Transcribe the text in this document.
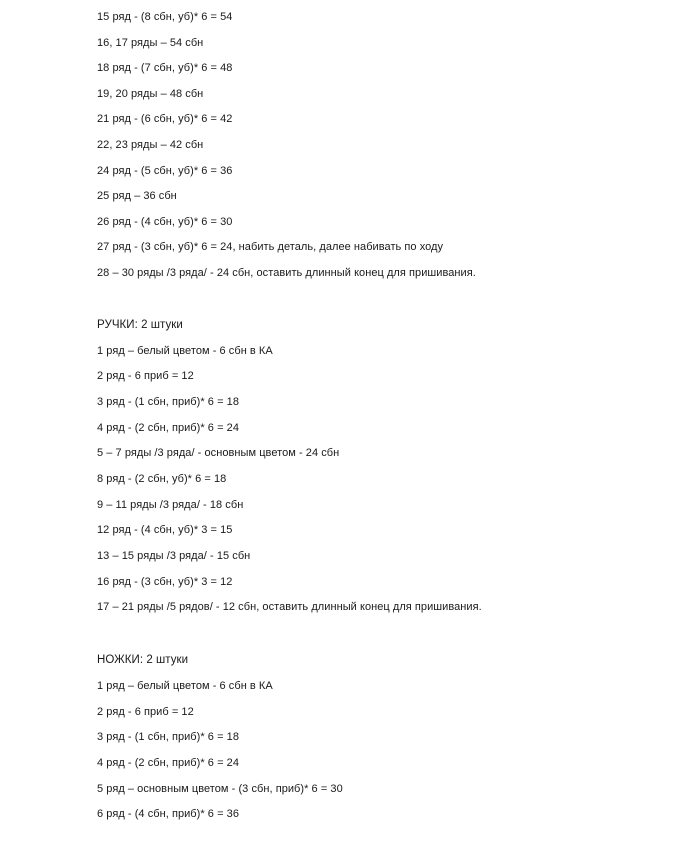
15 ряд - (8 сбн, уб)* 6 = 54
16, 17 ряды – 54 сбн
18 ряд - (7 сбн, уб)* 6 = 48
19, 20 ряды – 48 сбн
21 ряд - (6 сбн, уб)* 6 = 42
22, 23 ряды – 42 сбн
24 ряд - (5 сбн, уб)* 6 = 36
25 ряд – 36 сбн
26 ряд - (4 сбн, уб)* 6 = 30
27 ряд - (3 сбн, уб)* 6 = 24, набить деталь, далее набивать по ходу
28 – 30 ряды /3 ряда/ - 24 сбн, оставить длинный конец для пришивания.
РУЧКИ: 2 штуки
1 ряд – белый цветом - 6 сбн в КА
2 ряд - 6 приб = 12
3 ряд - (1 сбн, приб)* 6 = 18
4 ряд - (2 сбн, приб)* 6 = 24
5 – 7 ряды /3 ряда/ - основным цветом - 24 сбн
8 ряд - (2 сбн, уб)* 6 = 18
9 – 11 ряды /3 ряда/ - 18 сбн
12 ряд - (4 сбн, уб)* 3 = 15
13 – 15 ряды /3 ряда/ - 15 сбн
16 ряд - (3 сбн, уб)* 3 = 12
17 – 21 ряды /5 рядов/ - 12 сбн, оставить длинный конец для пришивания.
НОЖКИ: 2 штуки
1 ряд – белый цветом - 6 сбн в КА
2 ряд - 6 приб = 12
3 ряд - (1 сбн, приб)* 6 = 18
4 ряд - (2 сбн, приб)* 6 = 24
5 ряд – основным цветом - (3 сбн, приб)* 6 = 30
6 ряд - (4 сбн, приб)* 6 = 36
